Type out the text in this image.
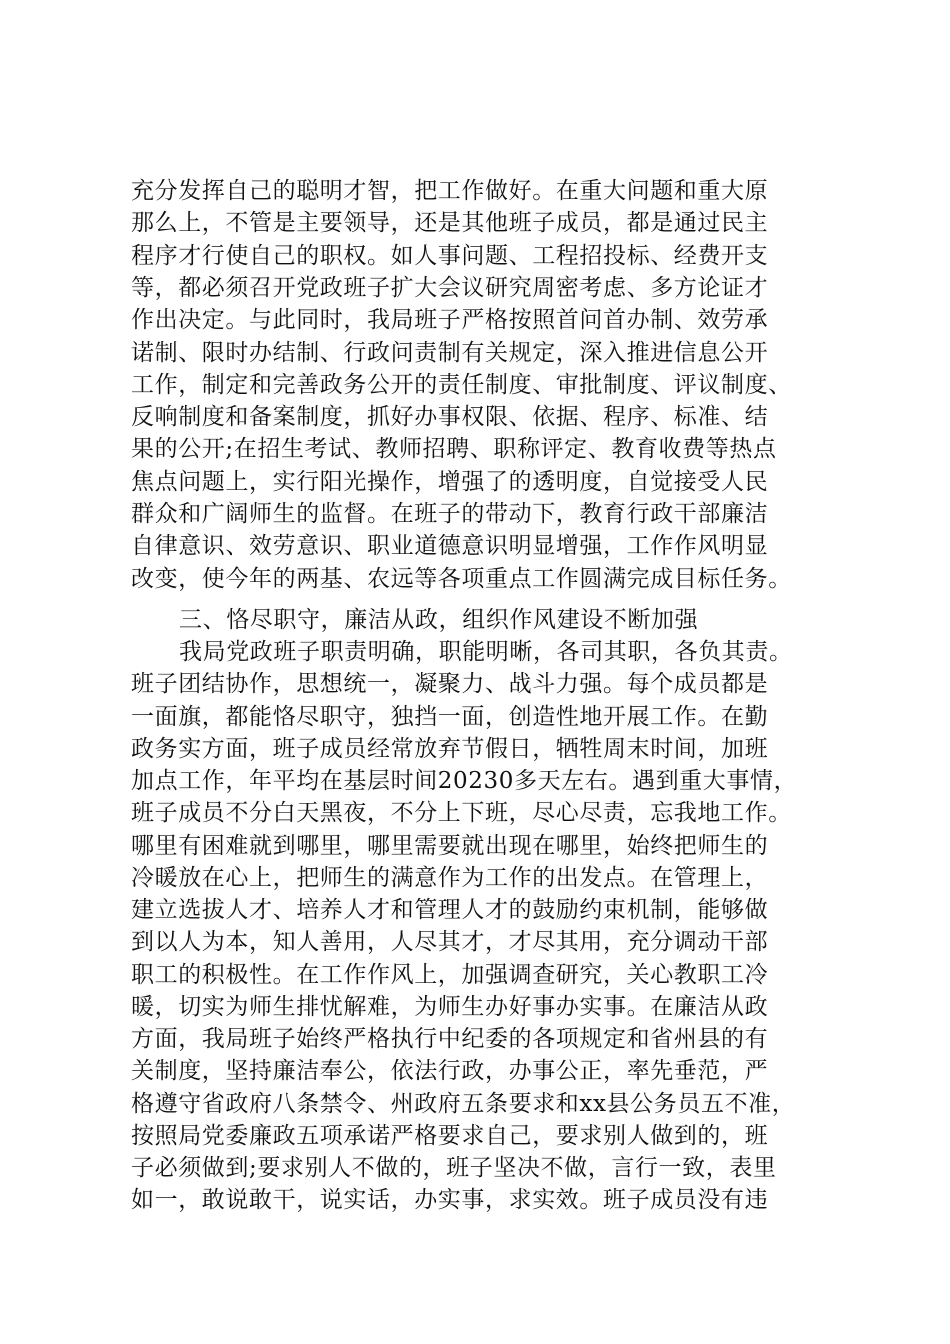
充分发挥自己的聪明才智，把工作做好。在重大问题和重大原
那么上，不管是主要领导，还是其他班子成员，都是通过民主
程序才行使自己的职权。如人事问题、工程招投标、经费开支
等，都必须召开党政班子扩大会议研究周密考虑、多方论证才
作出决定。与此同时，我局班子严格按照首问首办制、效劳承
诺制、限时办结制、行政问责制有关规定，深入推进信息公开
工作，制定和完善政务公开的责任制度、审批制度、评议制度、
反响制度和备案制度，抓好办事权限、依据、程序、标准、结
果的公开;在招生考试、教师招聘、职称评定、教育收费等热点
焦点问题上，实行阳光操作，增强了的透明度，自觉接受人民
群众和广阔师生的监督。在班子的带动下，教育行政干部廉洁
自律意识、效劳意识、职业道德意识明显增强，工作作风明显
改变，使今年的两基、农远等各项重点工作圆满完成目标任务。
三、恪尽职守，廉洁从政，组织作风建设不断加强
我局党政班子职责明确，职能明晰，各司其职，各负其责。
班子团结协作，思想统一，凝聚力、战斗力强。每个成员都是
一面旗，都能恪尽职守，独挡一面，创造性地开展工作。在勤
政务实方面，班子成员经常放弃节假日，牺牲周末时间，加班
加点工作，年平均在基层时间20230多天左右。遇到重大事情，
班子成员不分白天黑夜，不分上下班，尽心尽责，忘我地工作。
哪里有困难就到哪里，哪里需要就出现在哪里，始终把师生的
冷暖放在心上，把师生的满意作为工作的出发点。在管理上，
建立选拔人才、培养人才和管理人才的鼓励约束机制，能够做
到以人为本，知人善用，人尽其才，才尽其用，充分调动干部
职工的积极性。在工作作风上，加强调查研究，关心教职工冷
暖，切实为师生排忧解难，为师生办好事办实事。在廉洁从政
方面，我局班子始终严格执行中纪委的各项规定和省州县的有
关制度，坚持廉洁奉公，依法行政，办事公正，率先垂范，严
格遵守省政府八条禁令、州政府五条要求和xx县公务员五不准，
按照局党委廉政五项承诺严格要求自己，要求别人做到的，班
子必须做到;要求别人不做的，班子坚决不做，言行一致，表里
如一，敢说敢干，说实话，办实事，求实效。班子成员没有违
